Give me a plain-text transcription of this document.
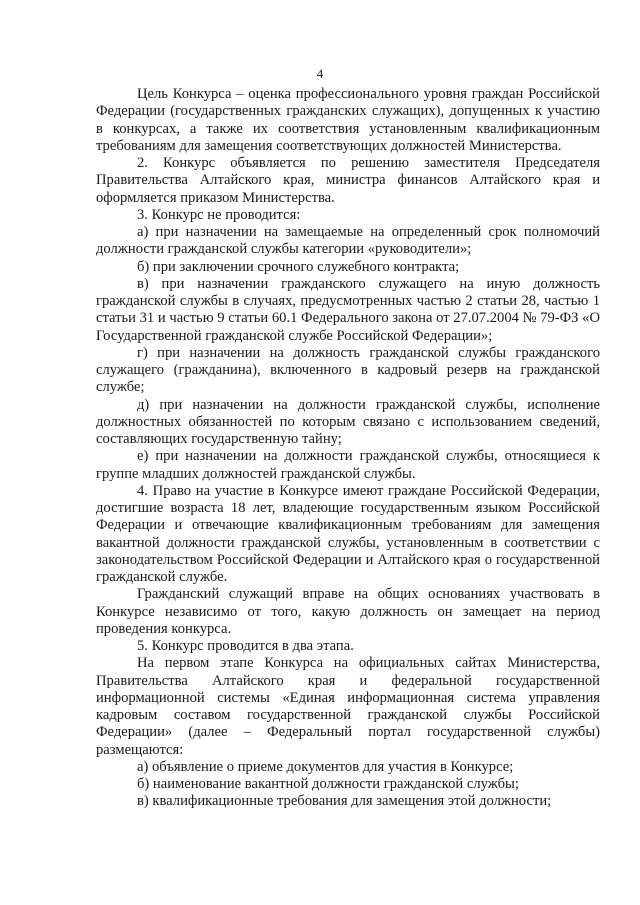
4

Цель Конкурса – оценка профессионального уровня граждан Российской Федерации (государственных гражданских служащих), допущенных к участию в конкурсах, а также их соответствия установленным квалификационным требованиям для замещения соответствующих должностей Министерства.

2. Конкурс объявляется по решению заместителя Председателя Правительства Алтайского края, министра финансов Алтайского края и оформляется приказом Министерства.

3. Конкурс не проводится:

а) при назначении на замещаемые на определенный срок полномочий должности гражданской службы категории «руководители»;

б) при заключении срочного служебного контракта;

в) при назначении гражданского служащего на иную должность гражданской службы в случаях, предусмотренных частью 2 статьи 28, частью 1 статьи 31 и частью 9 статьи 60.1 Федерального закона от 27.07.2004 № 79-ФЗ «О Государственной гражданской службе Российской Федерации»;

г) при назначении на должность гражданской службы гражданского служащего (гражданина), включенного в кадровый резерв на гражданской службе;

д) при назначении на должности гражданской службы, исполнение должностных обязанностей по которым связано с использованием сведений, составляющих государственную тайну;

е) при назначении на должности гражданской службы, относящиеся к группе младших должностей гражданской службы.

4. Право на участие в Конкурсе имеют граждане Российской Федерации, достигшие возраста 18 лет, владеющие государственным языком Российской Федерации и отвечающие квалификационным требованиям для замещения вакантной должности гражданской службы, установленным в соответствии с законодательством Российской Федерации и Алтайского края о государственной гражданской службе.

Гражданский служащий вправе на общих основаниях участвовать в Конкурсе независимо от того, какую должность он замещает на период проведения конкурса.

5. Конкурс проводится в два этапа.

На первом этапе Конкурса на официальных сайтах Министерства, Правительства Алтайского края и федеральной государственной информационной системы «Единая информационная система управления кадровым составом государственной гражданской службы Российской Федерации» (далее – Федеральный портал государственной службы) размещаются:

а) объявление о приеме документов для участия в Конкурсе;

б) наименование вакантной должности гражданской службы;

в) квалификационные требования для замещения этой должности;
